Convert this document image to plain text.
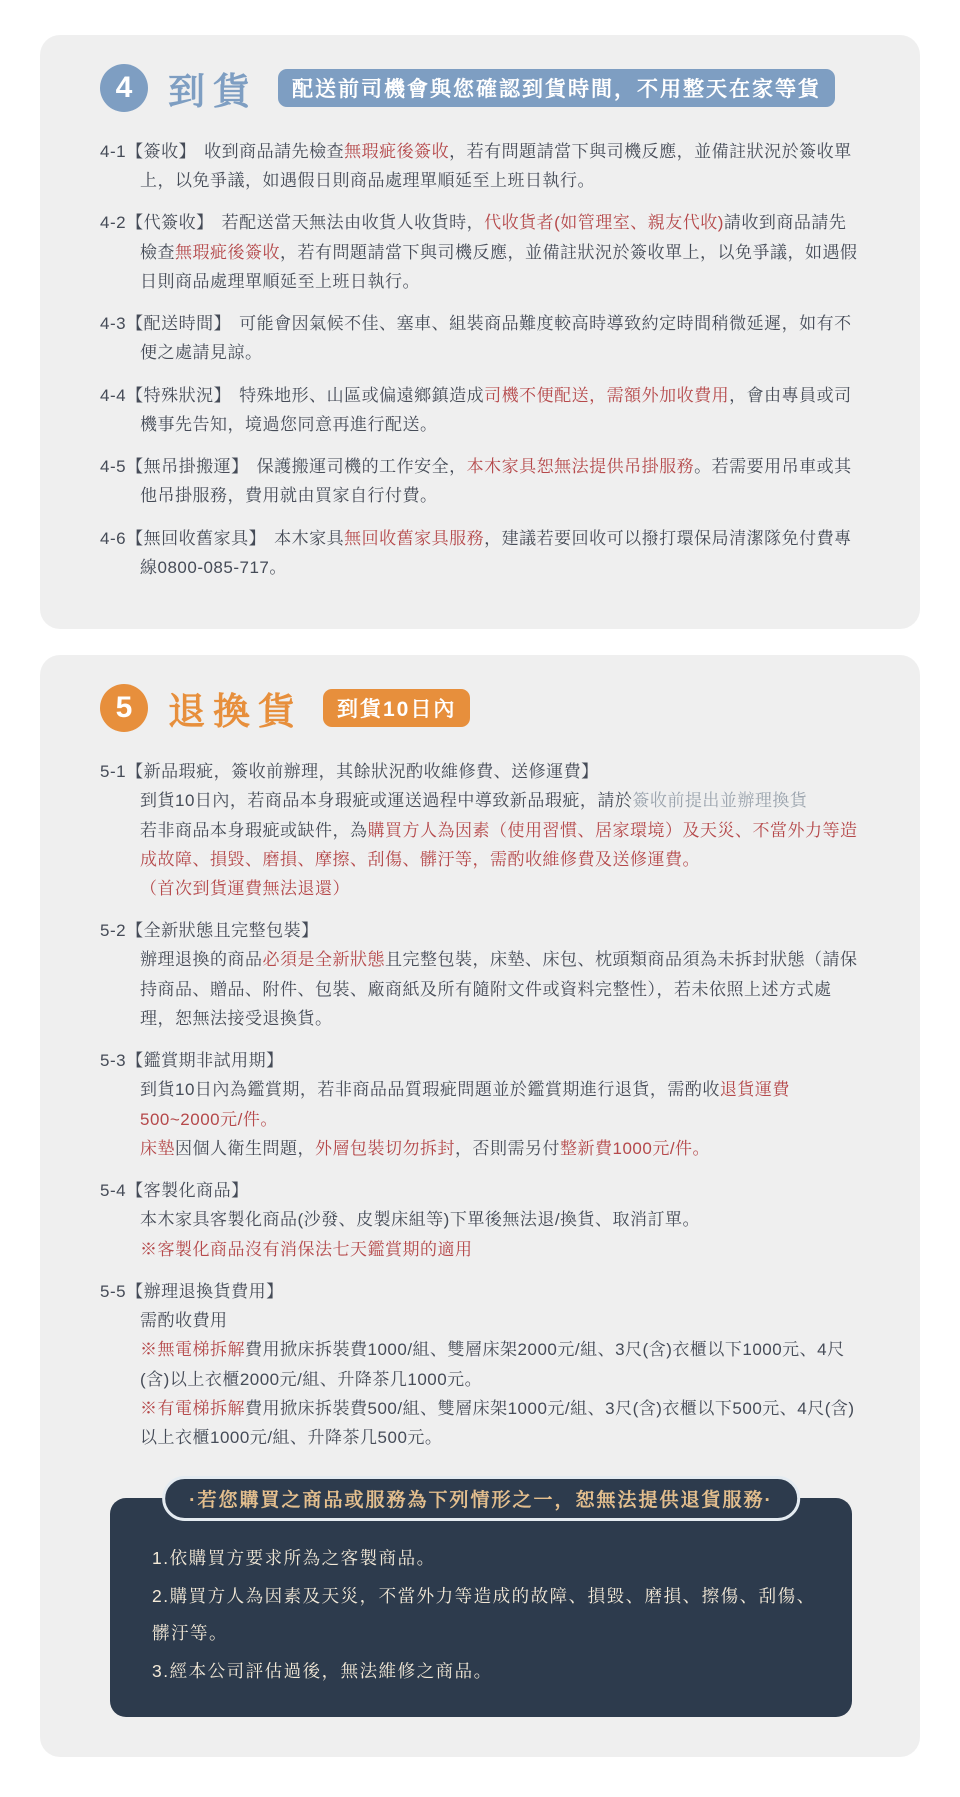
4 到貨	配送前司機會與您確認到貨時間，不用整天在家等貨

4-1【簽收】 收到商品請先檢查無瑕疵後簽收，若有問題請當下與司機反應，並備註狀況於簽收單上，以免爭議，如遇假日則商品處理單順延至上班日執行。

4-2【代簽收】 若配送當天無法由收貨人收貨時，代收貨者(如管理室、親友代收)請收到商品請先檢查無瑕疵後簽收，若有問題請當下與司機反應，並備註狀況於簽收單上，以免爭議，如遇假日則商品處理單順延至上班日執行。

4-3【配送時間】 可能會因氣候不佳、塞車、組裝商品難度較高時導致約定時間稍微延遲，如有不便之處請見諒。

4-4【特殊狀況】 特殊地形、山區或偏遠鄉鎮造成司機不便配送，需額外加收費用，會由專員或司機事先告知，境過您同意再進行配送。

4-5【無吊掛搬運】 保護搬運司機的工作安全，本木家具恕無法提供吊掛服務。若需要用吊車或其他吊掛服務，費用就由買家自行付費。

4-6【無回收舊家具】 本木家具無回收舊家具服務，建議若要回收可以撥打環保局清潔隊免付費專線0800-085-717。

5 退換貨	到貨10日內

5-1【新品瑕疵，簽收前辦理，其餘狀況酌收維修費、送修運費】

到貨10日內，若商品本身瑕疵或運送過程中導致新品瑕疵，請於簽收前提出並辦理換貨

若非商品本身瑕疵或缺件，為購買方人為因素（使用習慣、居家環境）及天災、不當外力等造成故障、損毀、磨損、摩擦、刮傷、髒汙等，需酌收維修費及送修運費。

（首次到貨運費無法退還）

5-2【全新狀態且完整包裝】

辦理退換的商品必須是全新狀態且完整包裝，床墊、床包、枕頭類商品須為未拆封狀態（請保持商品、贈品、附件、包裝、廠商紙及所有隨附文件或資料完整性），若未依照上述方式處理，恕無法接受退換貨。

5-3【鑑賞期非試用期】

到貨10日內為鑑賞期，若非商品品質瑕疵問題並於鑑賞期進行退貨，需酌收退貨運費500~2000元/件。

床墊因個人衛生問題，外層包裝切勿拆封，否則需另付整新費1000元/件。

5-4【客製化商品】

本木家具客製化商品(沙發、皮製床組等)下單後無法退/換貨、取消訂單。

※客製化商品沒有消保法七天鑑賞期的適用

5-5【辦理退換貨費用】

需酌收費用

※無電梯拆解費用掀床拆裝費1000/組、雙層床架2000元/組、3尺(含)衣櫃以下1000元、4尺(含)以上衣櫃2000元/組、升降茶几1000元。

※有電梯拆解費用掀床拆裝費500/組、雙層床架1000元/組、3尺(含)衣櫃以下500元、4尺(含)以上衣櫃1000元/組、升降茶几500元。

·若您購買之商品或服務為下列情形之一，恕無法提供退貨服務·
1.依購買方要求所為之客製商品。
2.購買方人為因素及天災，不當外力等造成的故障、損毀、磨損、擦傷、刮傷、髒汙等。
3.經本公司評估過後，無法維修之商品。
